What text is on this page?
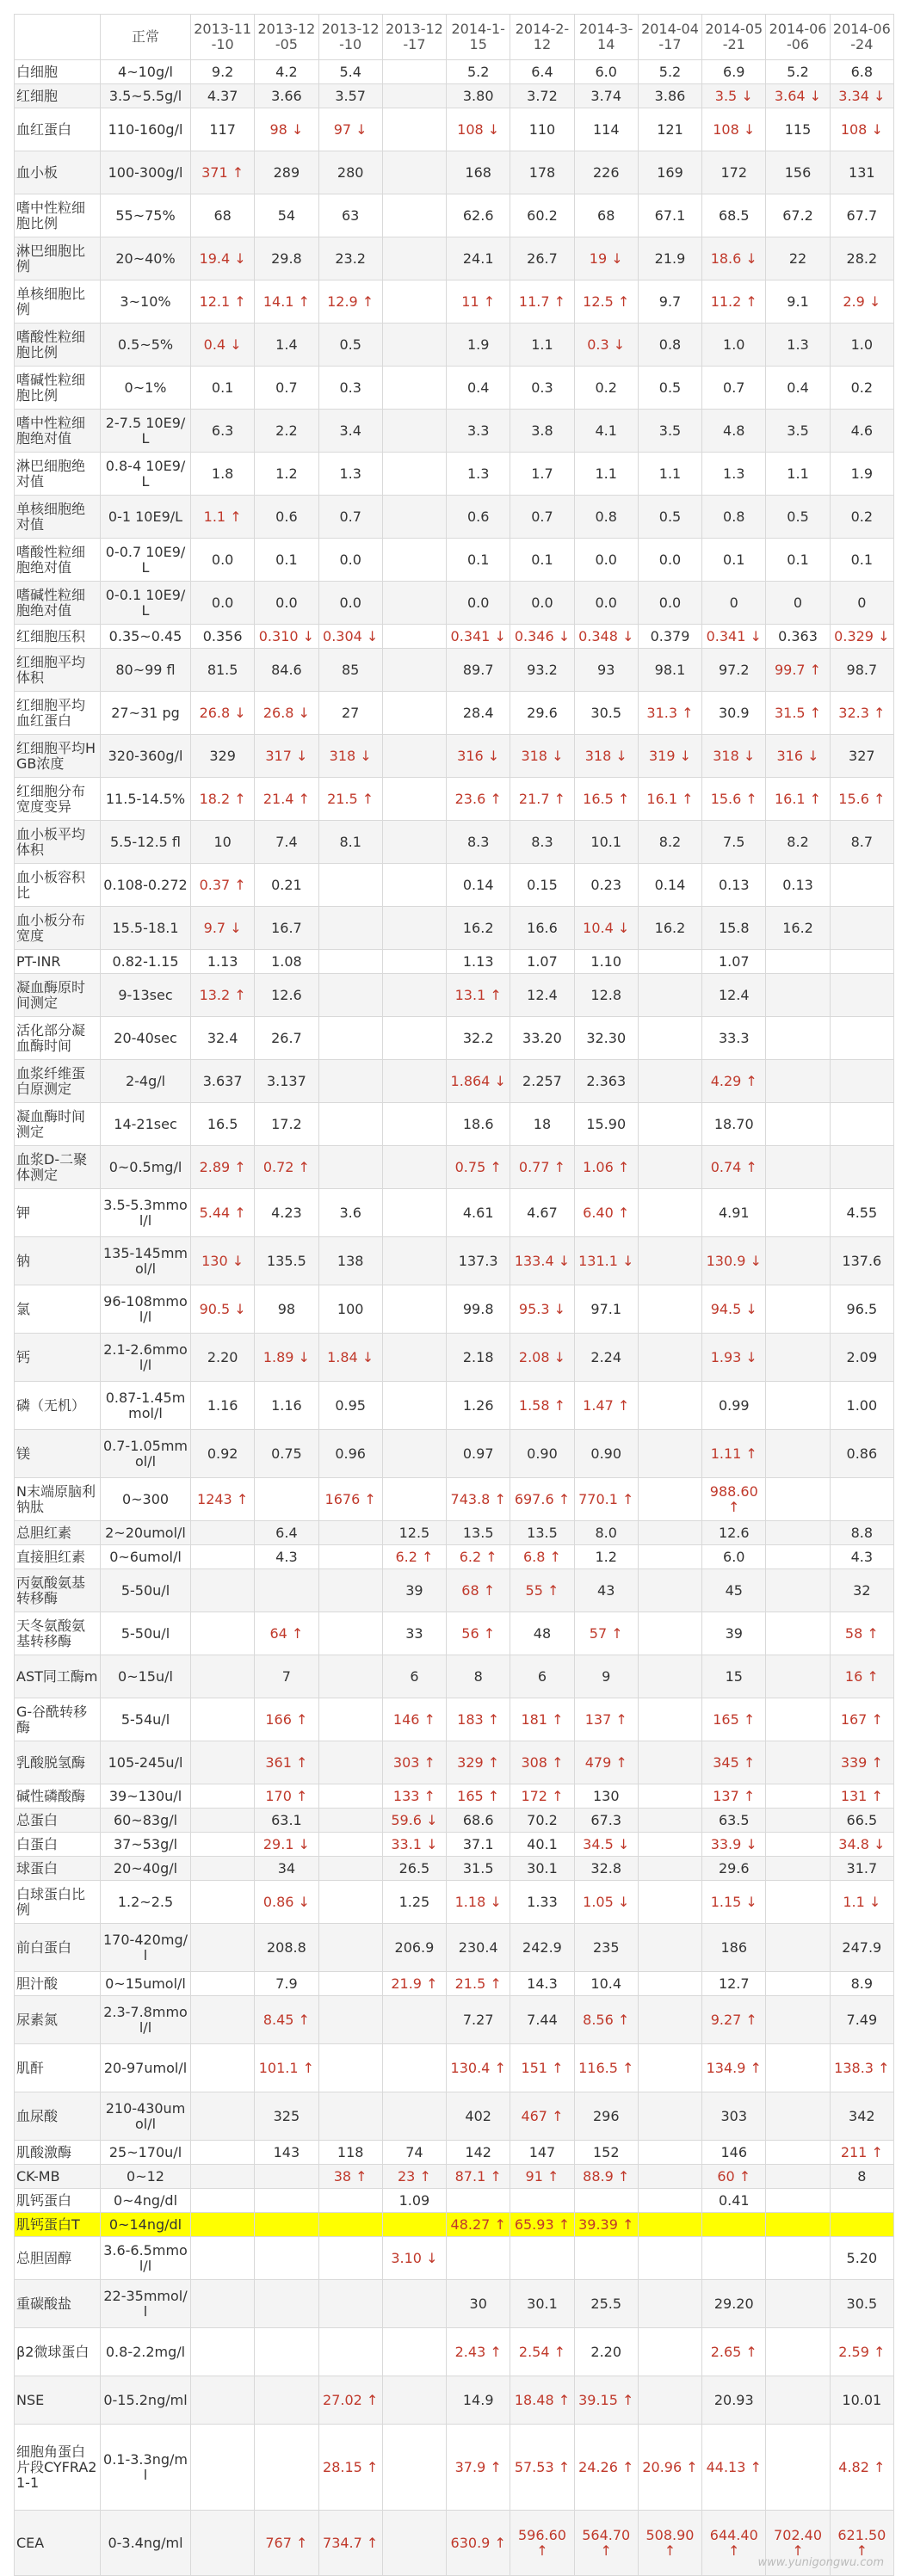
	正常	2013-11-10	2013-12-05	2013-12-10	2013-12-17	2014-1-15	2014-2-12	2014-3-14	2014-04-17	2014-05-21	2014-06-06	2014-06-24
白细胞	4~10g/l	9.2	4.2	5.4		5.2	6.4	6.0	5.2	6.9	5.2	6.8
红细胞	3.5~5.5g/l	4.37	3.66	3.57		3.80	3.72	3.74	3.86	3.5 ↓	3.64 ↓	3.34 ↓
血红蛋白	110-160g/l	117	98 ↓	97 ↓		108 ↓	110	114	121	108 ↓	115	108 ↓
血小板	100-300g/l	371 ↑	289	280		168	178	226	169	172	156	131
嗜中性粒细胞比例	55~75%	68	54	63		62.6	60.2	68	67.1	68.5	67.2	67.7
淋巴细胞比例	20~40%	19.4 ↓	29.8	23.2		24.1	26.7	19 ↓	21.9	18.6 ↓	22	28.2
单核细胞比例	3~10%	12.1 ↑	14.1 ↑	12.9 ↑		11 ↑	11.7 ↑	12.5 ↑	9.7	11.2 ↑	9.1	2.9 ↓
嗜酸性粒细胞比例	0.5~5%	0.4 ↓	1.4	0.5		1.9	1.1	0.3 ↓	0.8	1.0	1.3	1.0
嗜碱性粒细胞比例	0~1%	0.1	0.7	0.3		0.4	0.3	0.2	0.5	0.7	0.4	0.2
嗜中性粒细胞绝对值	2-7.5 10E9/L	6.3	2.2	3.4		3.3	3.8	4.1	3.5	4.8	3.5	4.6
淋巴细胞绝对值	0.8-4 10E9/L	1.8	1.2	1.3		1.3	1.7	1.1	1.1	1.3	1.1	1.9
单核细胞绝对值	0-1 10E9/L	1.1 ↑	0.6	0.7		0.6	0.7	0.8	0.5	0.8	0.5	0.2
嗜酸性粒细胞绝对值	0-0.7 10E9/L	0.0	0.1	0.0		0.1	0.1	0.0	0.0	0.1	0.1	0.1
嗜碱性粒细胞绝对值	0-0.1 10E9/L	0.0	0.0	0.0		0.0	0.0	0.0	0.0	0	0	0
红细胞压积	0.35~0.45	0.356	0.310 ↓	0.304 ↓		0.341 ↓	0.346 ↓	0.348 ↓	0.379	0.341 ↓	0.363	0.329 ↓
红细胞平均体积	80~99 fl	81.5	84.6	85		89.7	93.2	93	98.1	97.2	99.7 ↑	98.7
红细胞平均血红蛋白	27~31 pg	26.8 ↓	26.8 ↓	27		28.4	29.6	30.5	31.3 ↑	30.9	31.5 ↑	32.3 ↑
红细胞平均HGB浓度	320-360g/l	329	317 ↓	318 ↓		316 ↓	318 ↓	318 ↓	319 ↓	318 ↓	316 ↓	327
红细胞分布宽度变异	11.5-14.5%	18.2 ↑	21.4 ↑	21.5 ↑		23.6 ↑	21.7 ↑	16.5 ↑	16.1 ↑	15.6 ↑	16.1 ↑	15.6 ↑
血小板平均体积	5.5-12.5 fl	10	7.4	8.1		8.3	8.3	10.1	8.2	7.5	8.2	8.7
血小板容积比	0.108-0.272	0.37 ↑	0.21			0.14	0.15	0.23	0.14	0.13	0.13	
血小板分布宽度	15.5-18.1	9.7 ↓	16.7			16.2	16.6	10.4 ↓	16.2	15.8	16.2	
PT-INR	0.82-1.15	1.13	1.08			1.13	1.07	1.10		1.07		
凝血酶原时间测定	9-13sec	13.2 ↑	12.6			13.1 ↑	12.4	12.8		12.4		
活化部分凝血酶时间	20-40sec	32.4	26.7			32.2	33.20	32.30		33.3		
血浆纤维蛋白原测定	2-4g/l	3.637	3.137			1.864 ↓	2.257	2.363		4.29 ↑		
凝血酶时间测定	14-21sec	16.5	17.2			18.6	18	15.90		18.70		
血浆D-二聚体测定	0~0.5mg/l	2.89 ↑	0.72 ↑			0.75 ↑	0.77 ↑	1.06 ↑		0.74 ↑		
钾	3.5-5.3mmol/l	5.44 ↑	4.23	3.6		4.61	4.67	6.40 ↑		4.91		4.55
钠	135-145mmol/l	130 ↓	135.5	138		137.3	133.4 ↓	131.1 ↓		130.9 ↓		137.6
氯	96-108mmol/l	90.5 ↓	98	100		99.8	95.3 ↓	97.1		94.5 ↓		96.5
钙	2.1-2.6mmol/l	2.20	1.89 ↓	1.84 ↓		2.18	2.08 ↓	2.24		1.93 ↓		2.09
磷（无机）	0.87-1.45mmol/l	1.16	1.16	0.95		1.26	1.58 ↑	1.47 ↑		0.99		1.00
镁	0.7-1.05mmol/l	0.92	0.75	0.96		0.97	0.90	0.90		1.11 ↑		0.86
N末端原脑利钠肽	0~300	1243 ↑		1676 ↑		743.8 ↑	697.6 ↑	770.1 ↑		988.60 ↑		
总胆红素	2~20umol/l		6.4		12.5	13.5	13.5	8.0		12.6		8.8
直接胆红素	0~6umol/l		4.3		6.2 ↑	6.2 ↑	6.8 ↑	1.2		6.0		4.3
丙氨酸氨基转移酶	5-50u/l				39	68 ↑	55 ↑	43		45		32
天冬氨酸氨基转移酶	5-50u/l		64 ↑		33	56 ↑	48	57 ↑		39		58 ↑
AST同工酶m	0~15u/l		7		6	8	6	9		15		16 ↑
G-谷酰转移酶	5-54u/l		166 ↑		146 ↑	183 ↑	181 ↑	137 ↑		165 ↑		167 ↑
乳酸脱氢酶	105-245u/l		361 ↑		303 ↑	329 ↑	308 ↑	479 ↑		345 ↑		339 ↑
碱性磷酸酶	39~130u/l		170 ↑		133 ↑	165 ↑	172 ↑	130		137 ↑		131 ↑
总蛋白	60~83g/l		63.1		59.6 ↓	68.6	70.2	67.3		63.5		66.5
白蛋白	37~53g/l		29.1 ↓		33.1 ↓	37.1	40.1	34.5 ↓		33.9 ↓		34.8 ↓
球蛋白	20~40g/l		34		26.5	31.5	30.1	32.8		29.6		31.7
白球蛋白比例	1.2~2.5		0.86 ↓		1.25	1.18 ↓	1.33	1.05 ↓		1.15 ↓		1.1 ↓
前白蛋白	170-420mg/l		208.8		206.9	230.4	242.9	235		186		247.9
胆汁酸	0~15umol/l		7.9		21.9 ↑	21.5 ↑	14.3	10.4		12.7		8.9
尿素氮	2.3-7.8mmol/l		8.45 ↑			7.27	7.44	8.56 ↑		9.27 ↑		7.49
肌酐	20-97umol/l		101.1 ↑			130.4 ↑	151 ↑	116.5 ↑		134.9 ↑		138.3 ↑
血尿酸	210-430umol/l		325			402	467 ↑	296		303		342
肌酸激酶	25~170u/l		143	118	74	142	147	152		146		211 ↑
CK-MB	0~12			38 ↑	23 ↑	87.1 ↑	91 ↑	88.9 ↑		60 ↑		8
肌钙蛋白	0~4ng/dl				1.09					0.41		
肌钙蛋白T	0~14ng/dl					48.27 ↑	65.93 ↑	39.39 ↑				
总胆固醇	3.6-6.5mmol/l				3.10 ↓							5.20
重碳酸盐	22-35mmol/l					30	30.1	25.5		29.20		30.5
β2微球蛋白	0.8-2.2mg/l					2.43 ↑	2.54 ↑	2.20		2.65 ↑		2.59 ↑
NSE	0-15.2ng/ml			27.02 ↑		14.9	18.48 ↑	39.15 ↑		20.93		10.01
细胞角蛋白片段CYFRA21-1	0.1-3.3ng/ml			28.15 ↑		37.9 ↑	57.53 ↑	24.26 ↑	20.96 ↑	44.13 ↑		4.82 ↑
CEA	0-3.4ng/ml		767 ↑	734.7 ↑		630.9 ↑	596.60 ↑	564.70 ↑	508.90 ↑	644.40 ↑	702.40 ↑	621.50 ↑
www.yunigongwu.com
